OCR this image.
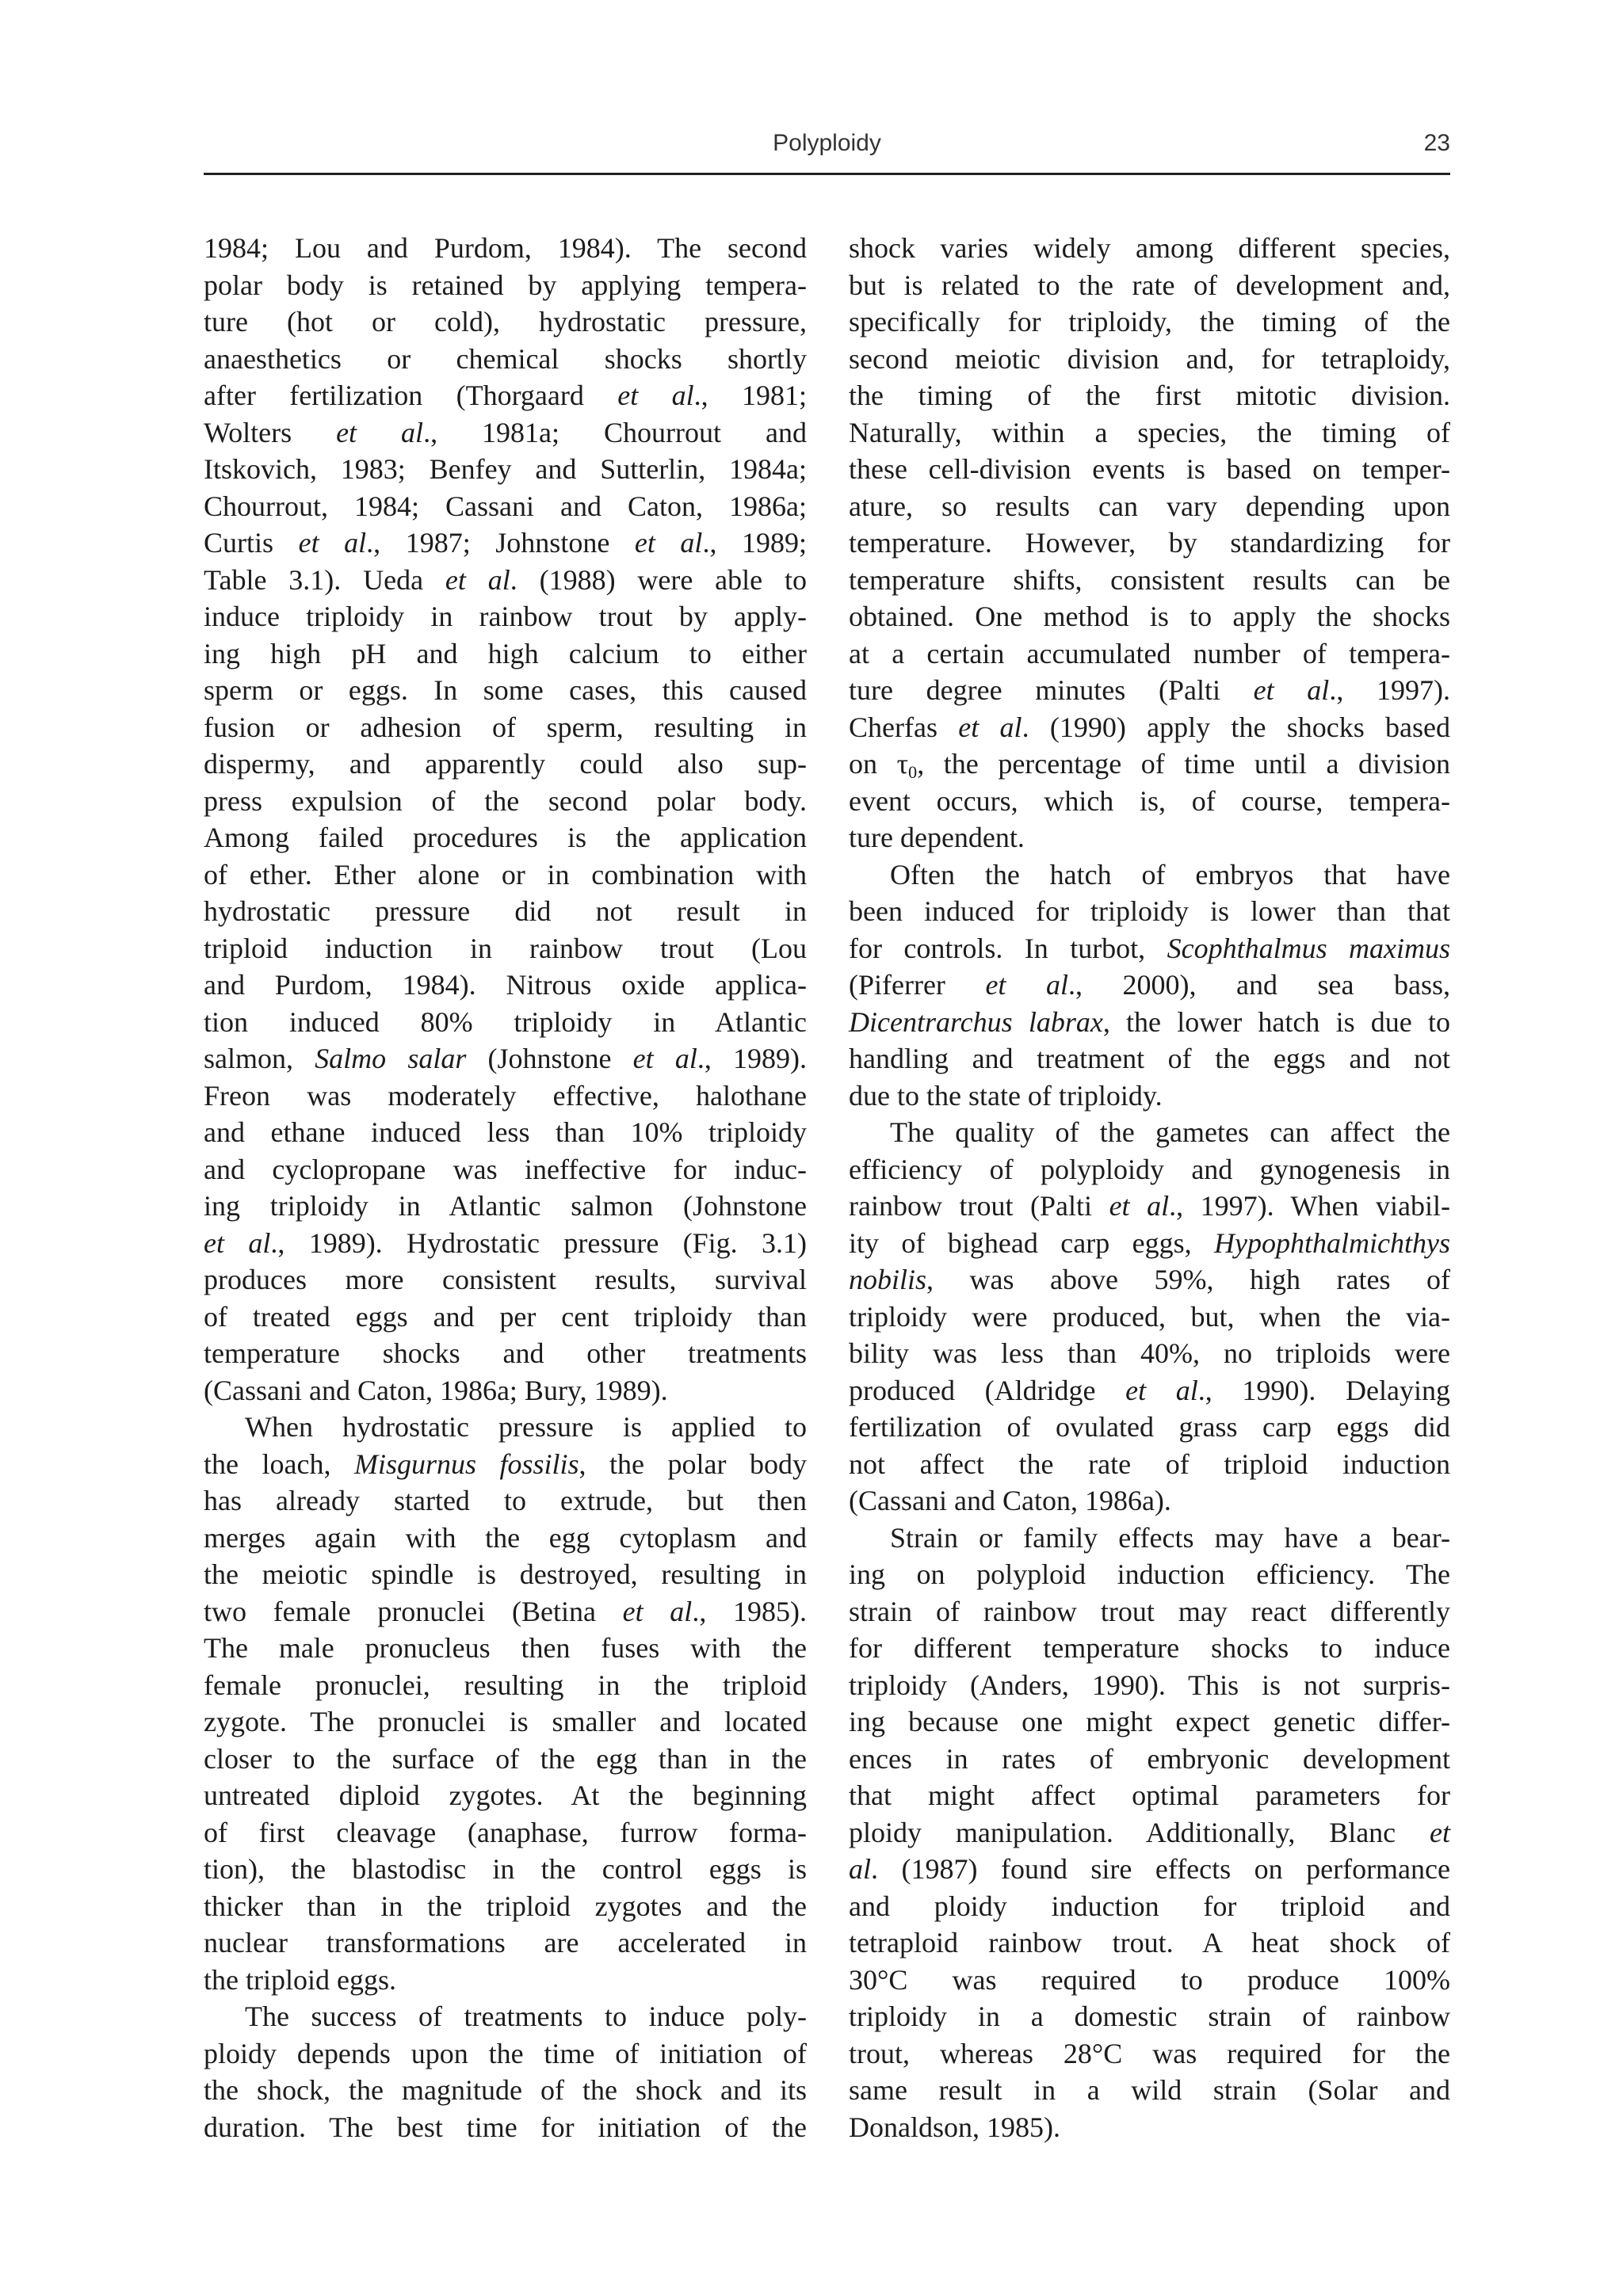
Polyploidy	23
1984; Lou and Purdom, 1984). The second
polar body is retained by applying tempera-
ture (hot or cold), hydrostatic pressure,
anaesthetics or chemical shocks shortly
after fertilization (Thorgaard et al., 1981;
Wolters et al., 1981a; Chourrout and
Itskovich, 1983; Benfey and Sutterlin, 1984a;
Chourrout, 1984; Cassani and Caton, 1986a;
Curtis et al., 1987; Johnstone et al., 1989;
Table 3.1). Ueda et al. (1988) were able to
induce triploidy in rainbow trout by apply-
ing high pH and high calcium to either
sperm or eggs. In some cases, this caused
fusion or adhesion of sperm, resulting in
dispermy, and apparently could also sup-
press expulsion of the second polar body.
Among failed procedures is the application
of ether. Ether alone or in combination with
hydrostatic pressure did not result in
triploid induction in rainbow trout (Lou
and Purdom, 1984). Nitrous oxide applica-
tion induced 80% triploidy in Atlantic
salmon, Salmo salar (Johnstone et al., 1989).
Freon was moderately effective, halothane
and ethane induced less than 10% triploidy
and cyclopropane was ineffective for induc-
ing triploidy in Atlantic salmon (Johnstone
et al., 1989). Hydrostatic pressure (Fig. 3.1)
produces more consistent results, survival
of treated eggs and per cent triploidy than
temperature shocks and other treatments
(Cassani and Caton, 1986a; Bury, 1989).
When hydrostatic pressure is applied to
the loach, Misgurnus fossilis, the polar body
has already started to extrude, but then
merges again with the egg cytoplasm and
the meiotic spindle is destroyed, resulting in
two female pronuclei (Betina et al., 1985).
The male pronucleus then fuses with the
female pronuclei, resulting in the triploid
zygote. The pronuclei is smaller and located
closer to the surface of the egg than in the
untreated diploid zygotes. At the beginning
of first cleavage (anaphase, furrow forma-
tion), the blastodisc in the control eggs is
thicker than in the triploid zygotes and the
nuclear transformations are accelerated in
the triploid eggs.
The success of treatments to induce poly-
ploidy depends upon the time of initiation of
the shock, the magnitude of the shock and its
duration. The best time for initiation of the
shock varies widely among different species,
but is related to the rate of development and,
specifically for triploidy, the timing of the
second meiotic division and, for tetraploidy,
the timing of the first mitotic division.
Naturally, within a species, the timing of
these cell-division events is based on temper-
ature, so results can vary depending upon
temperature. However, by standardizing for
temperature shifts, consistent results can be
obtained. One method is to apply the shocks
at a certain accumulated number of tempera-
ture degree minutes (Palti et al., 1997).
Cherfas et al. (1990) apply the shocks based
on $\tau_0$, the percentage of time until a division
event occurs, which is, of course, tempera-
ture dependent.
Often the hatch of embryos that have
been induced for triploidy is lower than that
for controls. In turbot, Scophthalmus maximus
(Piferrer et al., 2000), and sea bass,
Dicentrarchus labrax, the lower hatch is due to
handling and treatment of the eggs and not
due to the state of triploidy.
The quality of the gametes can affect the
efficiency of polyploidy and gynogenesis in
rainbow trout (Palti et al., 1997). When viabil-
ity of bighead carp eggs, Hypophthalmichthys
nobilis, was above 59%, high rates of
triploidy were produced, but, when the via-
bility was less than 40%, no triploids were
produced (Aldridge et al., 1990). Delaying
fertilization of ovulated grass carp eggs did
not affect the rate of triploid induction
(Cassani and Caton, 1986a).
Strain or family effects may have a bear-
ing on polyploid induction efficiency. The
strain of rainbow trout may react differently
for different temperature shocks to induce
triploidy (Anders, 1990). This is not surpris-
ing because one might expect genetic differ-
ences in rates of embryonic development
that might affect optimal parameters for
ploidy manipulation. Additionally, Blanc et
al. (1987) found sire effects on performance
and ploidy induction for triploid and
tetraploid rainbow trout. A heat shock of
30°C was required to produce 100%
triploidy in a domestic strain of rainbow
trout, whereas 28°C was required for the
same result in a wild strain (Solar and
Donaldson, 1985).
